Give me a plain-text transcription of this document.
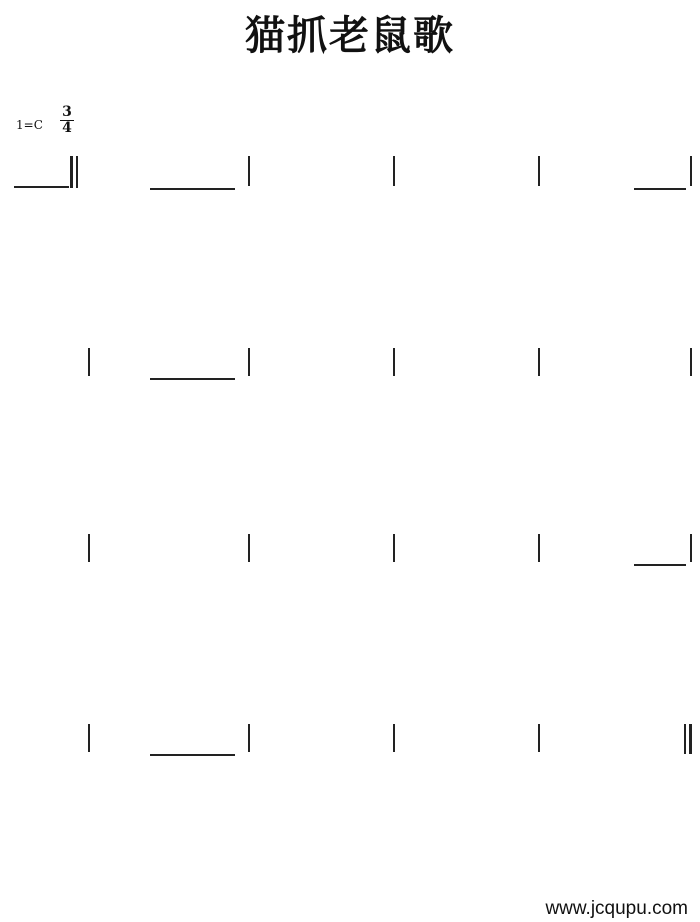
猫抓老鼠歌
$1=C \frac{3}{4}$
www.jcqupu.com
